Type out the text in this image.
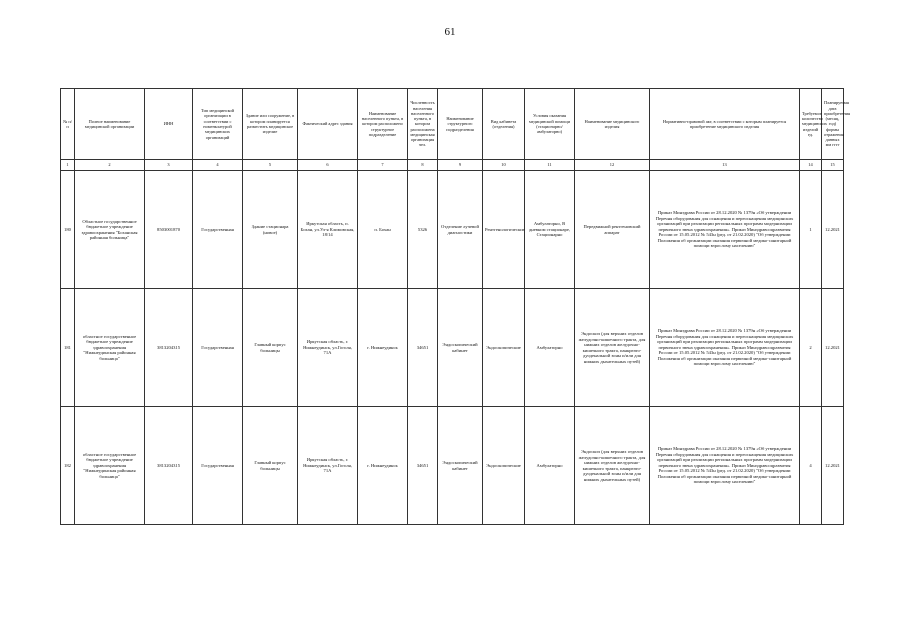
61
№ п/п	Полное наименование медицинской организации	ИНН	Тип медицинской организации в соответствии с номенклатурой медицинских организаций	Здание или сооружение, в котором планируется разместить медицинское изделие	Фактический адрес здания	Наименование населенного пункта, в котором расположено структурное подразделение	Численность населения населенного пункта, в котором расположена медицинская организация чел.	Наименование структурного подразделения	Вид кабинета (отделения)	Условия оказания медицинской помощи (стационарно/амбулаторно)	Наименование медицинского изделия	Нормативно-правовой акт, в соответствии с которым планируется приобретение медицинского изделия	Требуемое количество медицинских изделий ед.	Планируемая дата приобретения (месяц, год) формы отражения данных мм гггг
1	2	3	4	5	6	7	8	9	10	11	12	13	14	15
180	Областное государственное бюджетное учреждение здравоохранения "Боханская районная больница"	8503001870	Государственная	Здание стационара (новое)	Иркутская область, п. Бохан, ул.Ул-я Климовская, 18/14	п. Бохан	5326	Отделение лучевой диагностики	Рентгенологические	Амбулаторно, В дневном стационаре, Стационарно	Передвижной рентгеновский аппарат	Приказ Минздрава России от 28.12.2020 № 1379н «Об утверждении Перечня оборудования для оснащения и переоснащения медицинских организаций при реализации региональных программ модернизации первичного звена здравоохранения». Приказ Минздравсоцразвития России от 15.05.2012 № 543н (ред. от 21.02.2020) "Об утверждении Положения об организации оказания первичной медико-санитарной помощи взрослому населению"	1	12.2021
181	областное государственное бюджетное учреждение здравоохранения "Нижнеудинская районная больница"	3813204315	Государственная	Главный корпус больницы	Иркутская область, г. Нижнеудинск, ул.Гоголя, 71А	г. Нижнеудинск	34651	Эндоскопический кабинет	Эндоскопические	Амбулаторно	Эндоскоп (для верхних отделов желудочно-кишечного тракта, для нижних отделов желудочно-кишечного тракта, панкреато-дуоденальной зоны и/или для нижних дыхательных путей)	Приказ Минздрава России от 28.12.2020 № 1379н «Об утверждении Перечня оборудования для оснащения и переоснащения медицинских организаций при реализации региональных программ модернизации первичного звена здравоохранения». Приказ Минздравсоцразвития России от 15.05.2012 № 543н (ред. от 21.02.2020) "Об утверждении Положения об организации оказания первичной медико-санитарной помощи взрослому населению"	2	12.2021
182	областное государственное бюджетное учреждение здравоохранения "Нижнеудинская районная больница"	3813204315	Государственная	Главный корпус больницы	Иркутская область, г. Нижнеудинск, ул.Гоголя, 71А	г. Нижнеудинск	34651	Эндоскопический кабинет	Эндоскопические	Амбулаторно	Эндоскоп (для верхних отделов желудочно-кишечного тракта, для нижних отделов желудочно-кишечного тракта, панкреато-дуоденальной зоны и/или для нижних дыхательных путей)	Приказ Минздрава России от 28.12.2020 № 1379н «Об утверждении Перечня оборудования для оснащения и переоснащения медицинских организаций при реализации региональных программ модернизации первичного звена здравоохранения». Приказ Минздравсоцразвития России от 15.05.2012 № 543н (ред. от 21.02.2020) "Об утверждении Положения об организации оказания первичной медико-санитарной помощи взрослому населению"	4	12.2021
